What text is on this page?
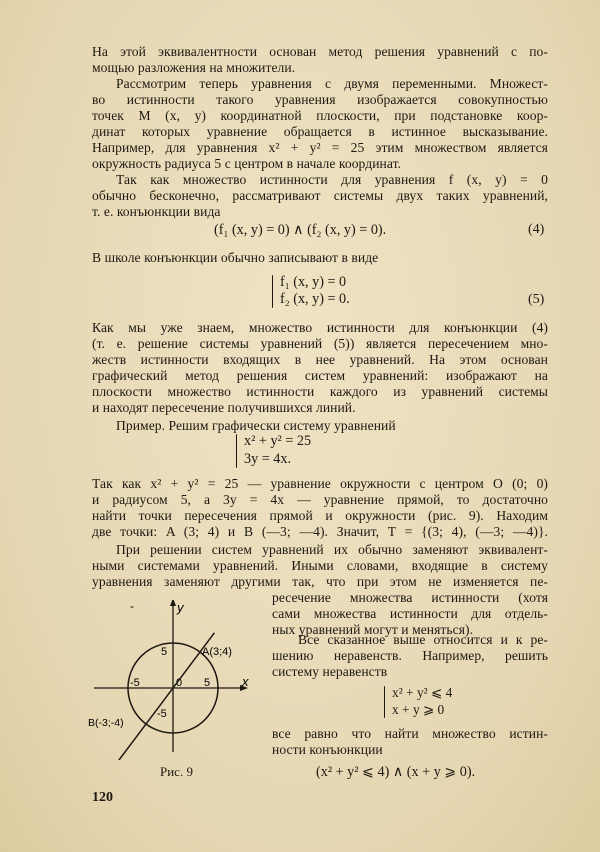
На этой эквивалентности основан метод решения уравнений с по-
мощью разложения на множители.
Рассмотрим теперь уравнения с двумя переменными. Множест-
во истинности такого уравнения изображается совокупностью
точек M (x, y) координатной плоскости, при подстановке коор-
динат которых уравнение обращается в истинное высказывание.
Например, для уравнения x² + y² = 25 этим множеством является
окружность радиуса 5 с центром в начале координат.
Так как множество истинности для уравнения f (x, y) = 0
обычно бесконечно, рассматривают системы двух таких уравнений,
т. е. конъюнкции вида
(f₁ (x, y) = 0) ∧ (f₂ (x, y) = 0).	(4)
В школе конъюнкции обычно записывают в виде
f₁ (x, y) = 0
f₂ (x, y) = 0.	(5)
Как мы уже знаем, множество истинности для конъюнкции (4)
(т. е. решение системы уравнений (5)) является пересечением мно-
жеств истинности входящих в нее уравнений. На этом основан
графический метод решения систем уравнений: изображают на
плоскости множество истинности каждого из уравнений системы
и находят пересечение получившихся линий.
Пример. Решим графически систему уравнений
x² + y² = 25
3y = 4x.
Так как x² + y² = 25 — уравнение окружности с центром O (0; 0)
и радиусом 5, а 3y = 4x — уравнение прямой, то достаточно
найти точки пересечения прямой и окружности (рис. 9). Находим
две точки: A (3; 4) и B (—3; —4). Значит, T = {(3; 4), (—3; —4)}.
При решении систем уравнений их обычно заменяют эквивалент-
ными системами уравнений. Иными словами, входящие в систему
уравнения заменяют другими так, что при этом не изменяется пе-
ресечение множества истинности (хотя
сами множества истинности для отдель-
ных уравнений могут и меняться).
Все сказанное выше относится и к ре-
шению неравенств. Например, решить
систему неравенств
x² + y² ⩽ 4
x + y ⩾ 0
все равно что найти множество истин-
ности конъюнкции
(x² + y² ⩽ 4) ∧ (x + y ⩾ 0).
y
x
0
5
-5
5
-5
A(3;4)
B(-3;-4)
-
Рис. 9
120
